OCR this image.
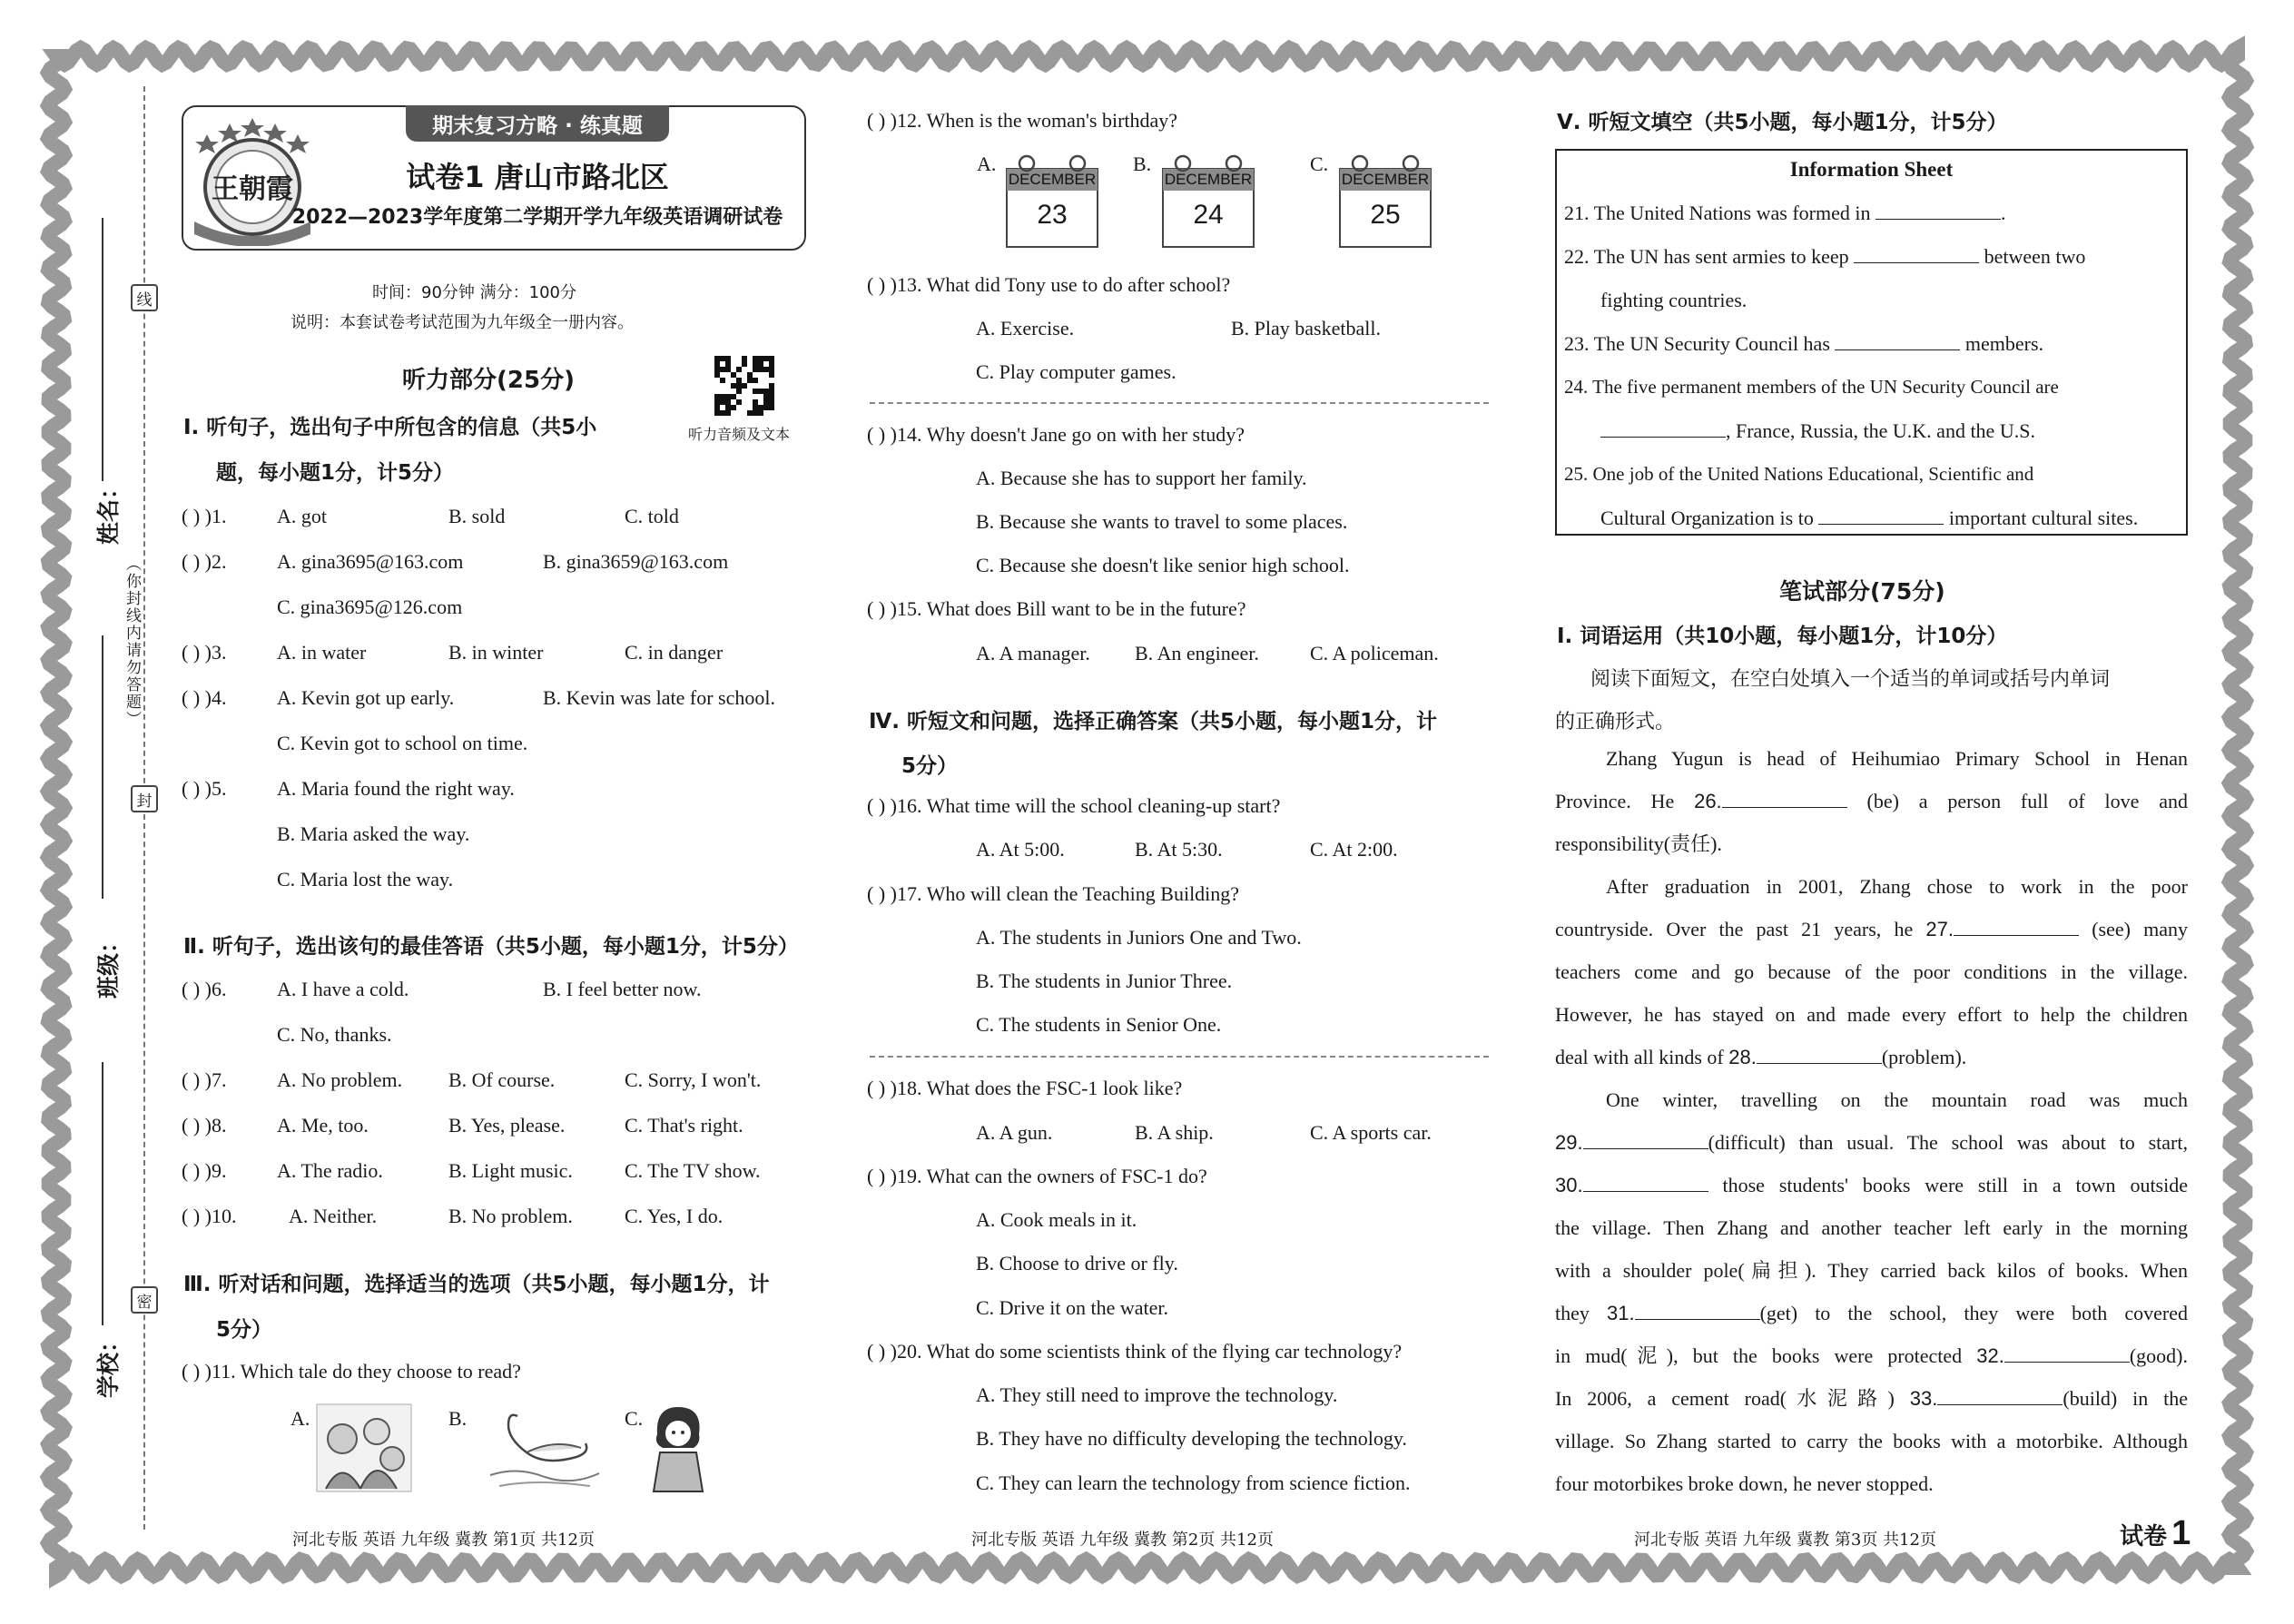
学校：
班级：
姓名：
线
封
密
（你封线内请勿答题）
期末复习方略 · 练真题
王朝霞	试卷1 唐山市路北区
2022—2023学年度第二学期开学九年级英语调研试卷
时间：90分钟 满分：100分
说明：本套试卷考试范围为九年级全一册内容。
听力部分(25分)
听力音频及文本
Ⅰ. 听句子，选出句子中所包含的信息（共5小
题，每小题1分，计5分）
( ) )1.	A. got	B. sold	C. told
( ) )2.	A. gina3695@163.com	B. gina3659@163.com
C. gina3695@126.com
( ) )3.	A. in water	B. in winter	C. in danger
( ) )4.	A. Kevin got up early.	B. Kevin was late for school.
C. Kevin got to school on time.
( ) )5.	A. Maria found the right way.
B. Maria asked the way.
C. Maria lost the way.
Ⅱ. 听句子，选出该句的最佳答语（共5小题，每小题1分，计5分）
( ) )6.	A. I have a cold.	B. I feel better now.
C. No, thanks.
( ) )7.	A. No problem. B. Of course.	C. Sorry, I won't.
( ) )8.	A. Me, too.	B. Yes, please.	C. That's right.
( ) )9.	A. The radio.	B. Light music.	C. The TV show.
( ) )10.	A. Neither.	B. No problem.	C. Yes, I do.
Ⅲ. 听对话和问题，选择适当的选项（共5小题，每小题1分，计
5分）
( ) )11. Which tale do they choose to read?
A.	B.	C.
河北专版 英语 九年级 冀教 第1页 共12页
( ) )12. When is the woman's birthday?
A.
DECEMBER
23
B.
DECEMBER
24
C.
DECEMBER
25
( ) )13. What did Tony use to do after school?
A. Exercise.	B. Play basketball.
C. Play computer games.
( ) )14. Why doesn't Jane go on with her study?
A. Because she has to support her family.
B. Because she wants to travel to some places.
C. Because she doesn't like senior high school.
( ) )15. What does Bill want to be in the future?
A. A manager. B. An engineer.	C. A policeman.
Ⅳ. 听短文和问题，选择正确答案（共5小题，每小题1分，计
5分）
( ) )16. What time will the school cleaning-up start?
A. At 5:00.	B. At 5:30.	C. At 2:00.
( ) )17. Who will clean the Teaching Building?
A. The students in Juniors One and Two.
B. The students in Junior Three.
C. The students in Senior One.
( ) )18. What does the FSC-1 look like?
A. A gun.	B. A ship.	C. A sports car.
( ) )19. What can the owners of FSC-1 do?
A. Cook meals in it.
B. Choose to drive or fly.
C. Drive it on the water.
( ) )20. What do some scientists think of the flying car technology?
A. They still need to improve the technology.
B. They have no difficulty developing the technology.
C. They can learn the technology from science fiction.
河北专版 英语 九年级 冀教 第2页 共12页
Ⅴ. 听短文填空（共5小题，每小题1分，计5分）
Information Sheet
21. The United Nations was formed in	.
22. The UN has sent armies to keep	between two
fighting countries.
23. The UN Security Council has	members.
24. The five permanent members of the UN Security Council are
, France, Russia, the U.K. and the U.S.
25. One job of the United Nations Educational, Scientific and
Cultural Organization is to	important cultural sites.
笔试部分(75分)
Ⅰ. 词语运用（共10小题，每小题1分，计10分）
阅读下面短文，在空白处填入一个适当的单词或括号内单词
的正确形式。
Zhang Yugun is head of Heihumiao Primary School in Henan
Province. He 26.	(be) a person full of love and
responsibility(责任).
After graduation in 2001, Zhang chose to work in the poor
countryside. Over the past 21 years, he 27.	(see) many
teachers come and go because of the poor conditions in the village.
However, he has stayed on and made every effort to help the children
deal with all kinds of 28.	(problem).
One winter, travelling on the mountain road was much
29.	(difficult) than usual. The school was about to start,
30.	those students' books were still in a town outside
the village. Then Zhang and another teacher left early in the morning
with a shoulder pole(扁担). They carried back kilos of books. When
they 31.	(get) to the school, they were both covered
in mud(泥), but the books were protected 32.	(good).
In 2006, a cement road(水泥路) 33.	(build) in the
village. So Zhang started to carry the books with a motorbike. Although
four motorbikes broke down, he never stopped.
河北专版 英语 九年级 冀教 第3页 共12页	试卷 1
